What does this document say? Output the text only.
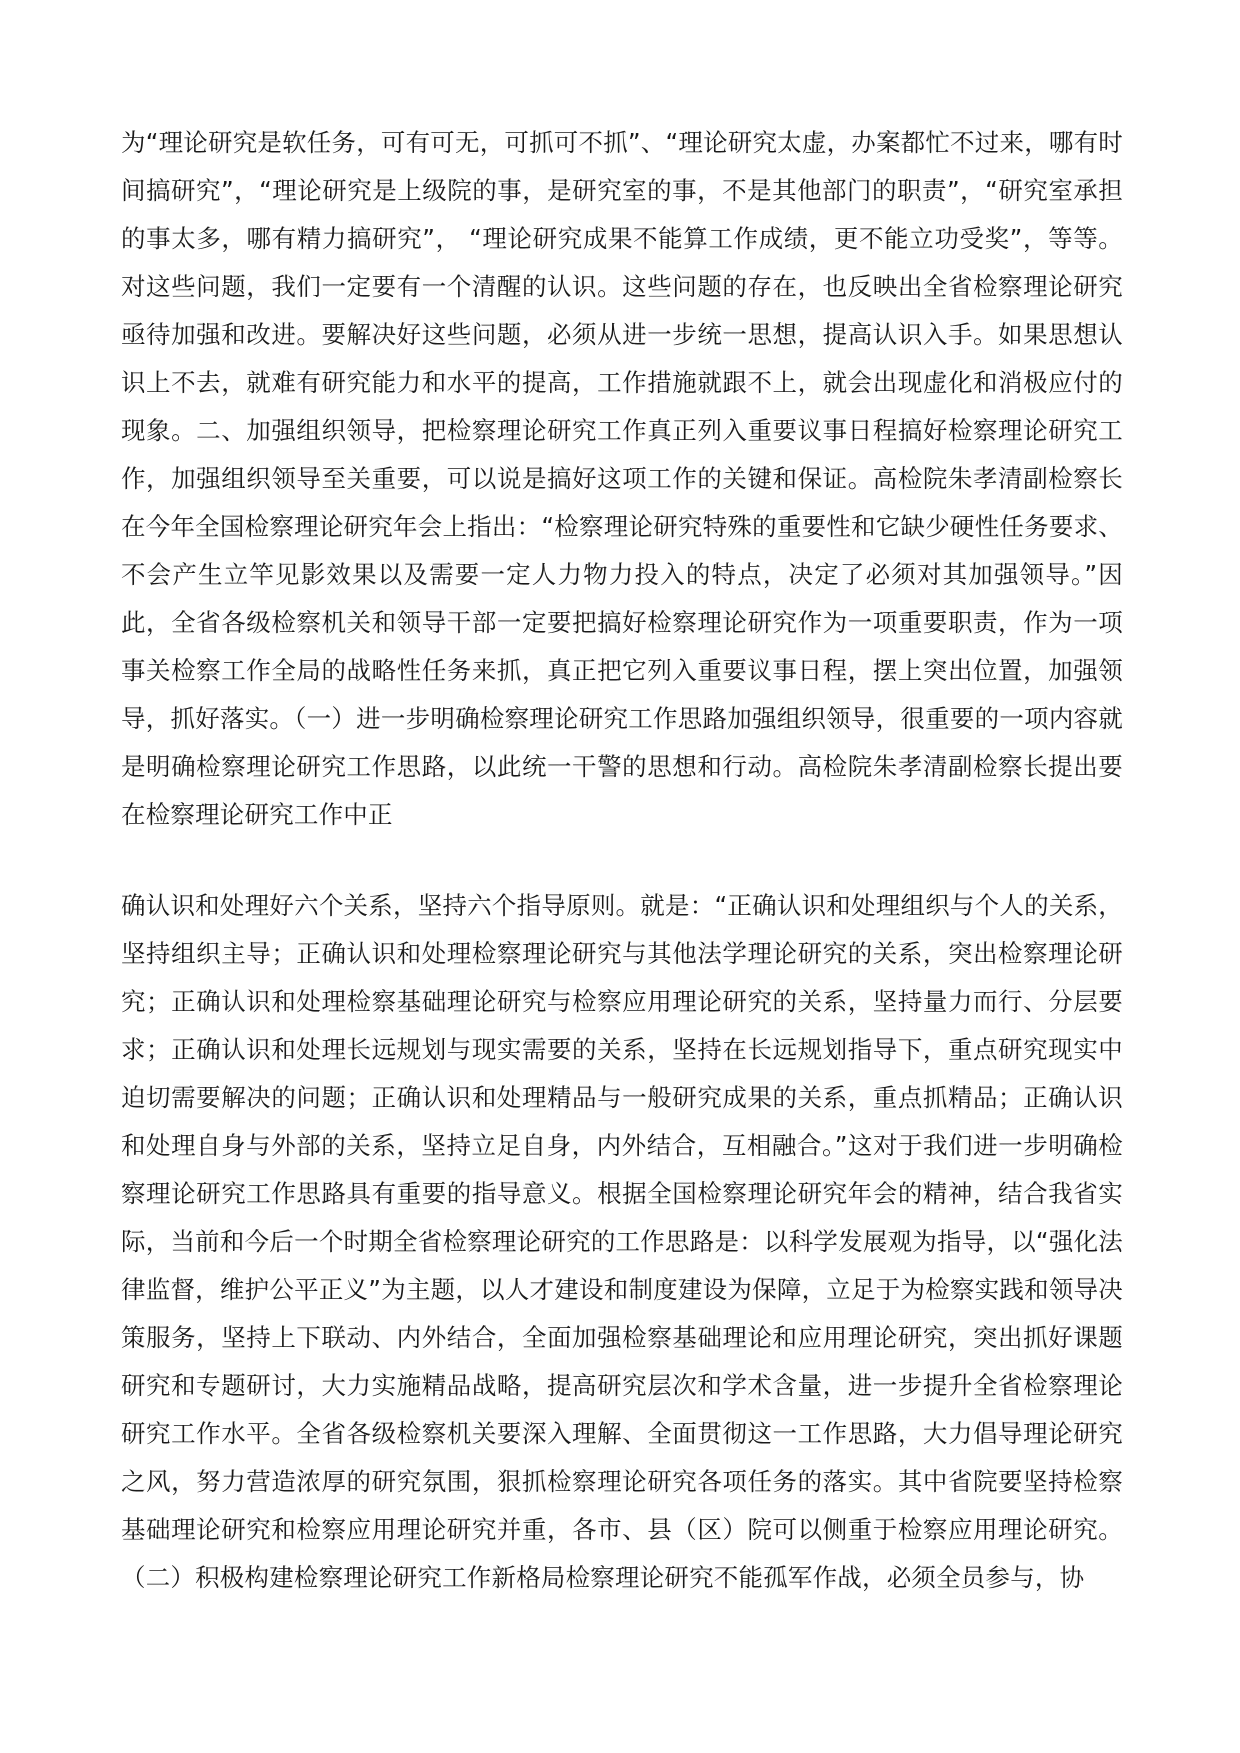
为“理论研究是软任务，可有可无，可抓可不抓”、“理论研究太虚，办案都忙不过来，哪有时间搞研究”，“理论研究是上级院的事，是研究室的事，不是其他部门的职责”，“研究室承担的事太多，哪有精力搞研究”， “理论研究成果不能算工作成绩，更不能立功受奖”，等等。对这些问题，我们一定要有一个清醒的认识。这些问题的存在，也反映出全省检察理论研究亟待加强和改进。要解决好这些问题，必须从进一步统一思想，提高认识入手。如果思想认识上不去，就难有研究能力和水平的提高，工作措施就跟不上，就会出现虚化和消极应付的现象。二、加强组织领导，把检察理论研究工作真正列入重要议事日程搞好检察理论研究工作，加强组织领导至关重要，可以说是搞好这项工作的关键和保证。高检院朱孝清副检察长在今年全国检察理论研究年会上指出：“检察理论研究特殊的重要性和它缺少硬性任务要求、不会产生立竿见影效果以及需要一定人力物力投入的特点，决定了必须对其加强领导。”因此，全省各级检察机关和领导干部一定要把搞好检察理论研究作为一项重要职责，作为一项事关检察工作全局的战略性任务来抓，真正把它列入重要议事日程，摆上突出位置，加强领导，抓好落实。（一）进一步明确检察理论研究工作思路加强组织领导，很重要的一项内容就是明确检察理论研究工作思路，以此统一干警的思想和行动。高检院朱孝清副检察长提出要在检察理论研究工作中正

确认识和处理好六个关系，坚持六个指导原则。就是：“正确认识和处理组织与个人的关系，坚持组织主导；正确认识和处理检察理论研究与其他法学理论研究的关系，突出检察理论研究；正确认识和处理检察基础理论研究与检察应用理论研究的关系，坚持量力而行、分层要求；正确认识和处理长远规划与现实需要的关系，坚持在长远规划指导下，重点研究现实中迫切需要解决的问题；正确认识和处理精品与一般研究成果的关系，重点抓精品；正确认识和处理自身与外部的关系，坚持立足自身，内外结合，互相融合。”这对于我们进一步明确检察理论研究工作思路具有重要的指导意义。根据全国检察理论研究年会的精神，结合我省实际，当前和今后一个时期全省检察理论研究的工作思路是：以科学发展观为指导，以“强化法律监督，维护公平正义”为主题，以人才建设和制度建设为保障，立足于为检察实践和领导决策服务，坚持上下联动、内外结合，全面加强检察基础理论和应用理论研究，突出抓好课题研究和专题研讨，大力实施精品战略，提高研究层次和学术含量，进一步提升全省检察理论研究工作水平。全省各级检察机关要深入理解、全面贯彻这一工作思路，大力倡导理论研究之风，努力营造浓厚的研究氛围，狠抓检察理论研究各项任务的落实。其中省院要坚持检察基础理论研究和检察应用理论研究并重，各市、县（区）院可以侧重于检察应用理论研究。（二）积极构建检察理论研究工作新格局检察理论研究不能孤军作战，必须全员参与，协
